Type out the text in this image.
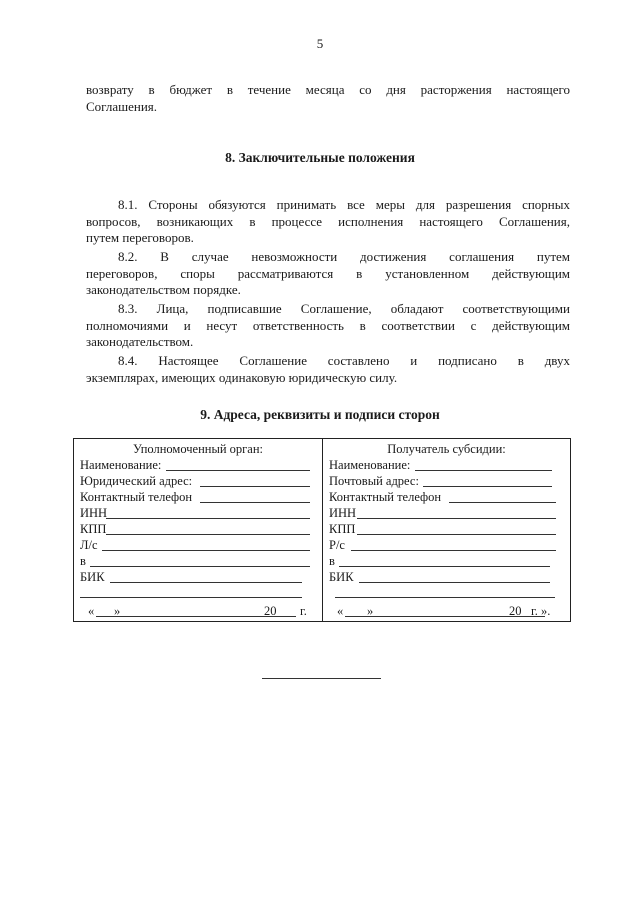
5
возврату в бюджет в течение месяца со дня расторжения настоящего
Соглашения.
8. Заключительные положения
8.1. Стороны обязуются принимать все меры для разрешения спорных
вопросов, возникающих в процессе исполнения настоящего Соглашения,
путем переговоров.
8.2. В случае невозможности достижения соглашения путем
переговоров, споры рассматриваются в установленном действующим
законодательством порядке.
8.3. Лица, подписавшие Соглашение, обладают соответствующими
полномочиями и несут ответственность в соответствии с действующим
законодательством.
8.4. Настоящее Соглашение составлено и подписано в двух
экземплярах, имеющих одинаковую юридическую силу.
9. Адреса, реквизиты и подписи сторон
Уполномоченный орган:
Наименование:
Юридический адрес:
Контактный телефон
ИНН
КПП
Л/с
в
БИК
« »	20 г.
Получатель субсидии:
Наименование:
Почтовый адрес:
Контактный телефон
ИНН
КПП
Р/с
в
БИК
« »	20 г. ».
